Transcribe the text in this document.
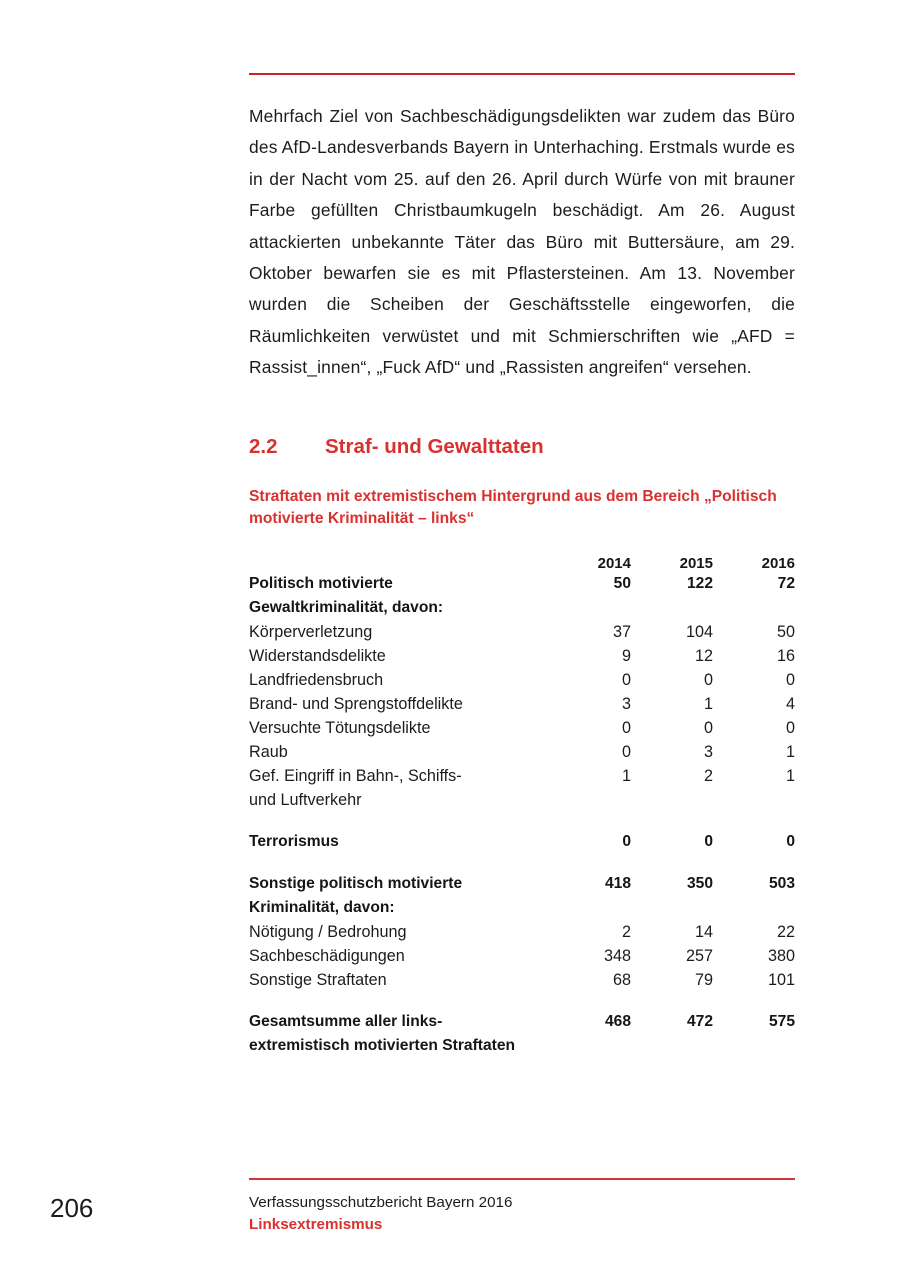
Mehrfach Ziel von Sachbeschädigungsdelikten war zudem das Büro des AfD-Landesverbands Bayern in Unterhaching. Erstmals wurde es in der Nacht vom 25. auf den 26. April durch Würfe von mit brauner Farbe gefüllten Christbaumkugeln beschädigt. Am 26. August attackierten unbekannte Täter das Büro mit Buttersäure, am 29. Oktober bewarfen sie es mit Pflastersteinen. Am 13. November wurden die Scheiben der Geschäftsstelle eingeworfen, die Räumlichkeiten verwüstet und mit Schmierschriften wie „AFD = Rassist_innen“, „Fuck AfD“ und „Rassisten angreifen“ versehen.

2.2	Straf- und Gewalttaten
Straftaten mit extremistischem Hintergrund aus dem Bereich „Politisch motivierte Kriminalität – links“
	2014	2015	2016

Politisch motivierte
Gewaltkriminalität, davon:	50	122	72

Körperverletzung	37	104	50

Widerstandsdelikte	9	12	16

Landfriedensbruch	0	0	0

Brand- und Sprengstoffdelikte	3	1	4

Versuchte Tötungsdelikte	0	0	0

Raub	0	3	1

Gef. Eingriff in Bahn-, Schiffs-
und Luftverkehr	1	2	1

Terrorismus	0	0	0

Sonstige politisch motivierte
Kriminalität, davon:	418	350	503

Nötigung / Bedrohung	2	14	22

Sachbeschädigungen	348	257	380

Sonstige Straftaten	68	79	101

Gesamtsumme aller links-
extremistisch motivierten Straftaten	468	472	575

206	Verfassungsschutzbericht Bayern 2016
Linksextremismus
